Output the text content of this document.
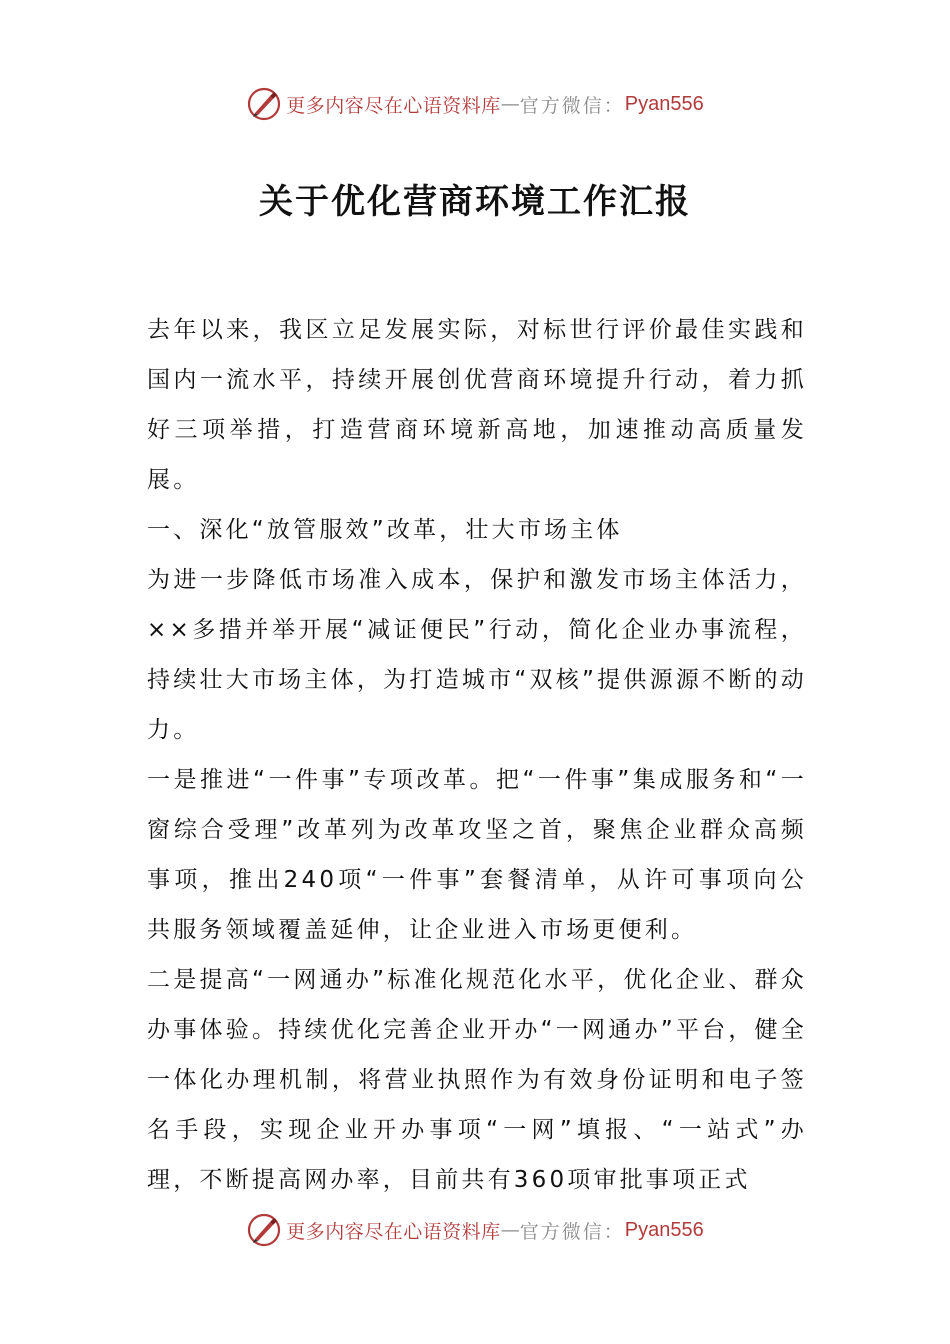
更多内容尽在心语资料库 — 官方微信： Pyan556
关于优化营商环境工作汇报

去年以来，我区立足发展实际，对标世行评价最佳实践和国内一流水平，持续开展创优营商环境提升行动，着力抓好三项举措，打造营商环境新高地，加速推动高质量发展。

一、深化“放管服效”改革，壮大市场主体

为进一步降低市场准入成本，保护和激发市场主体活力，××多措并举开展“减证便民”行动，简化企业办事流程，持续壮大市场主体，为打造城市“双核”提供源源不断的动力。

一是推进“一件事”专项改革。把“一件事”集成服务和“一窗综合受理”改革列为改革攻坚之首，聚焦企业群众高频事项，推出240项“一件事”套餐清单，从许可事项向公共服务领域覆盖延伸，让企业进入市场更便利。

二是提高“一网通办”标准化规范化水平，优化企业、群众办事体验。持续优化完善企业开办“一网通办”平台，健全一体化办理机制，将营业执照作为有效身份证明和电子签名手段，实现企业开办事项“一网”填报、“一站式”办理，不断提高网办率，目前共有360项审批事项正式

更多内容尽在心语资料库 — 官方微信： Pyan556
